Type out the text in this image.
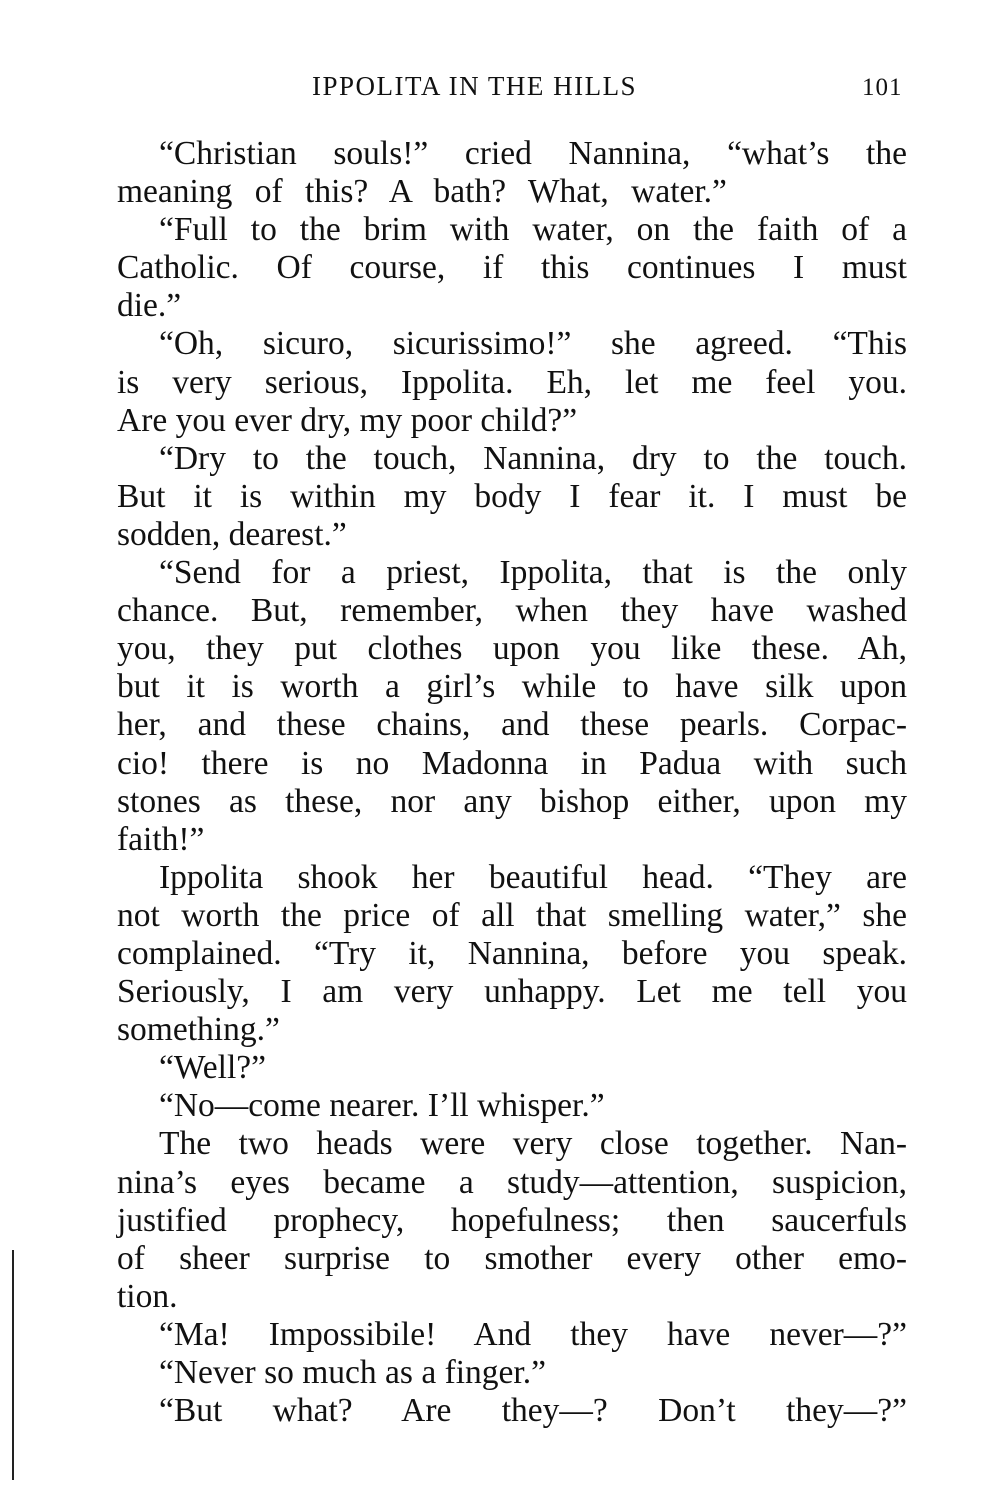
IPPOLITA IN THE HILLS	101
“Christian souls!” cried Nannina, “what’s the
meaning of this? A bath? What, water.”
“Full to the brim with water, on the faith of a
Catholic. Of course, if this continues I must
die.”
“Oh, sicuro, sicurissimo!” she agreed. “This
is very serious, Ippolita. Eh, let me feel you.
Are you ever dry, my poor child?”
“Dry to the touch, Nannina, dry to the touch.
But it is within my body I fear it. I must be
sodden, dearest.”
“Send for a priest, Ippolita, that is the only
chance. But, remember, when they have washed
you, they put clothes upon you like these. Ah,
but it is worth a girl’s while to have silk upon
her, and these chains, and these pearls. Corpac-
cio! there is no Madonna in Padua with such
stones as these, nor any bishop either, upon my
faith!”
Ippolita shook her beautiful head. “They are
not worth the price of all that smelling water,” she
complained. “Try it, Nannina, before you speak.
Seriously, I am very unhappy. Let me tell you
something.”
“Well?”
“No—come nearer. I’ll whisper.”
The two heads were very close together. Nan-
nina’s eyes became a study—attention, suspicion,
justified prophecy, hopefulness; then saucerfuls
of sheer surprise to smother every other emo-
tion.
“Ma! Impossibile! And they have never—?”
“Never so much as a finger.”
“But what? Are they—? Don’t they—?”
